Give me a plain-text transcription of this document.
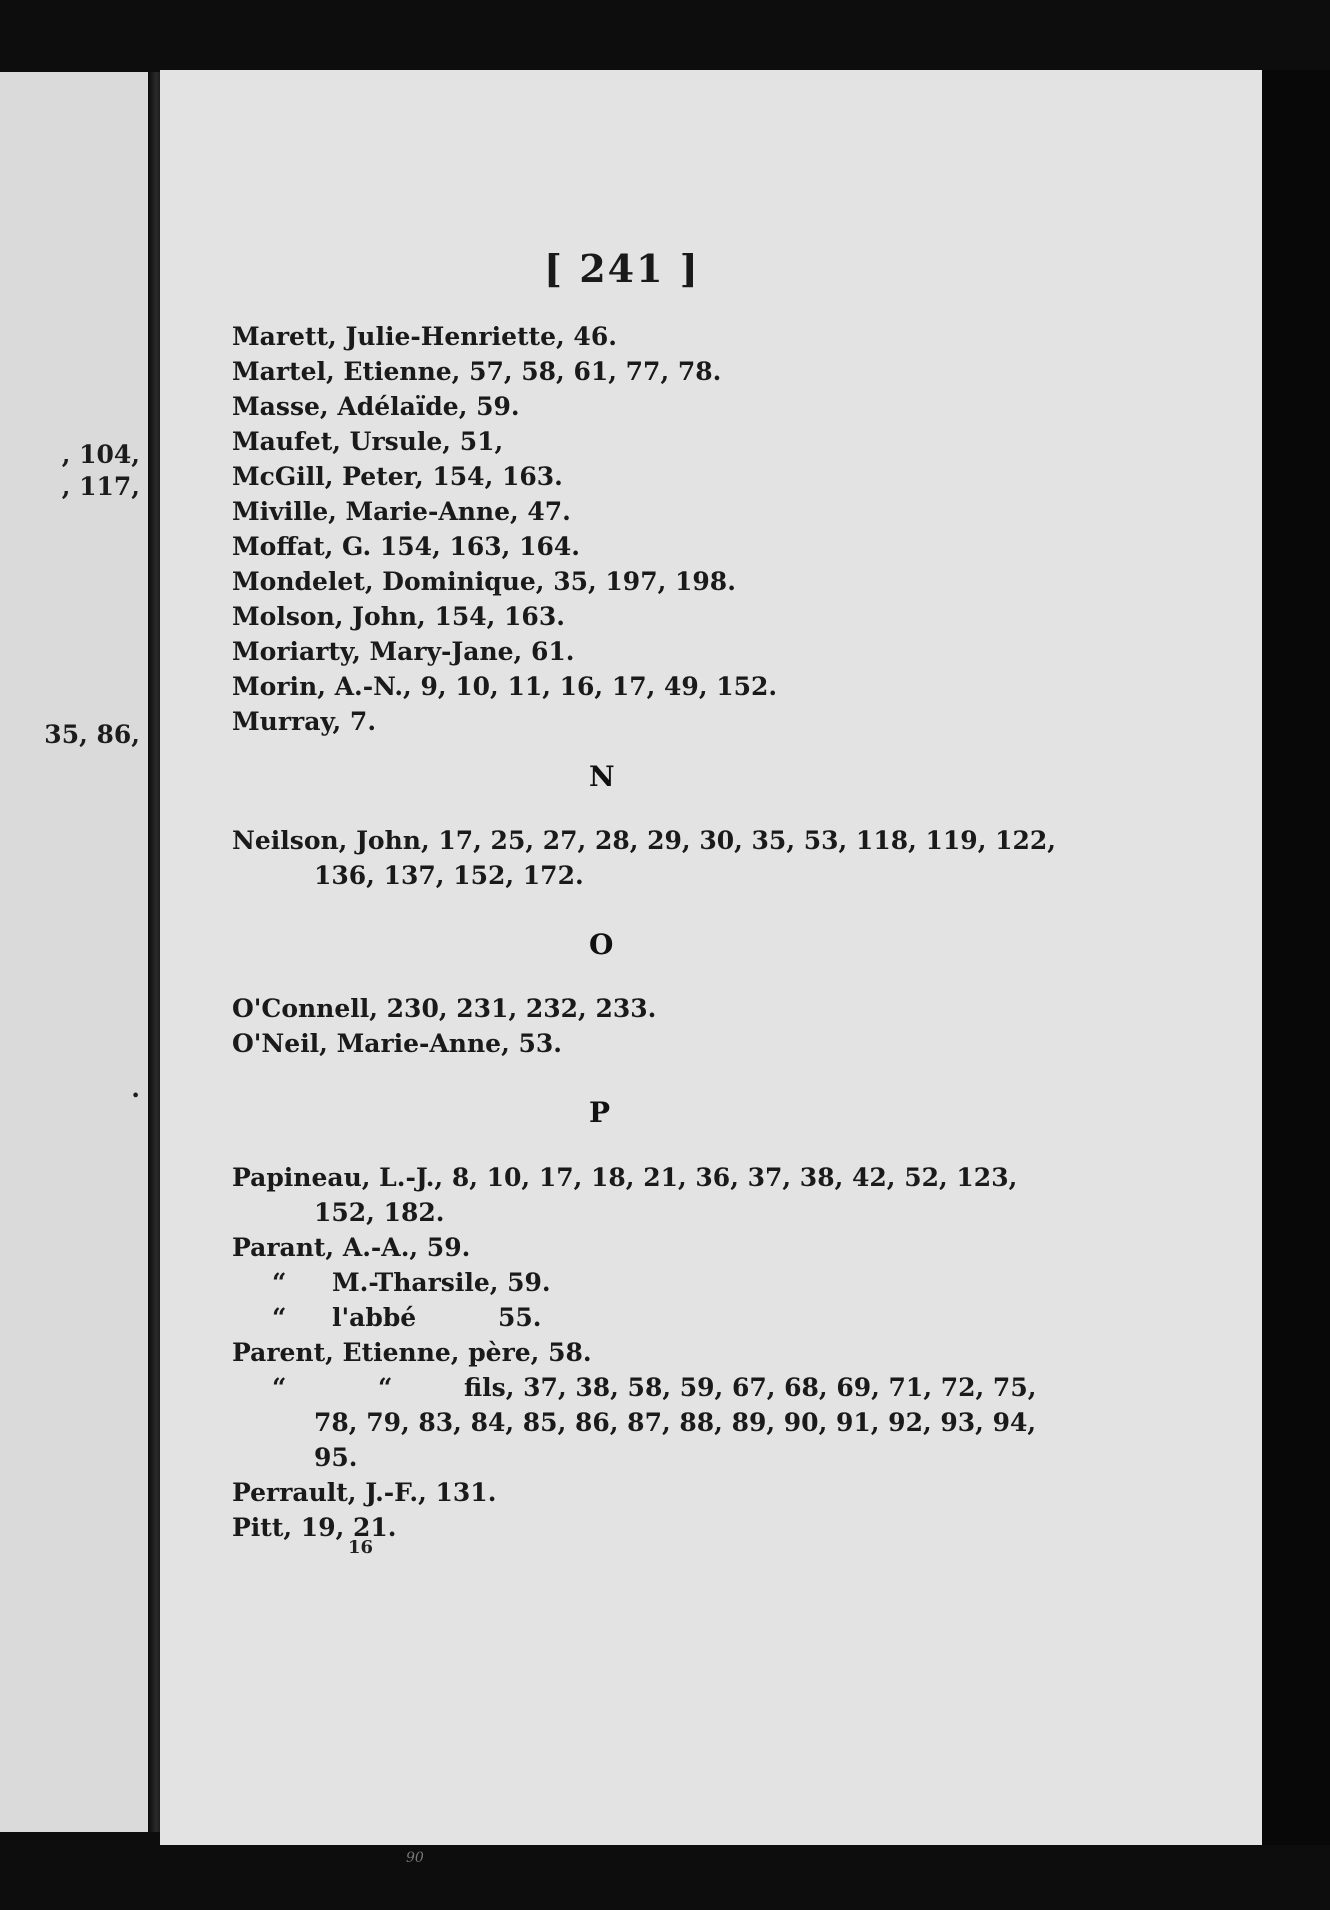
, 104,
, 117,
35, 86,
.
[ 241 ]
Marett, Julie-Henriette, 46.
Martel, Etienne, 57, 58, 61, 77, 78.
Masse, Adélaïde, 59.
Maufet, Ursule, 51,
McGill, Peter, 154, 163.
Miville, Marie-Anne, 47.
Moffat, G. 154, 163, 164.
Mondelet, Dominique, 35, 197, 198.
Molson, John, 154, 163.
Moriarty, Mary-Jane, 61.
Morin, A.-N., 9, 10, 11, 16, 17, 49, 152.
Murray, 7.
N
Neilson, John, 17, 25, 27, 28, 29, 30, 35, 53, 118, 119, 122,
136, 137, 152, 172.
O
O'Connell, 230, 231, 232, 233.
O'Neil, Marie-Anne, 53.
P
Papineau, L.-J., 8, 10, 17, 18, 21, 36, 37, 38, 42, 52, 123,
152, 182.
Parant, A.-A., 59.
“ M.-Tharsile, 59.
“ l'abbé	55.
Parent, Etienne, père, 58.
“	“	fils, 37, 38, 58, 59, 67, 68, 69, 71, 72, 75,
78, 79, 83, 84, 85, 86, 87, 88, 89, 90, 91, 92, 93, 94,
95.
Perrault, J.-F., 131.
Pitt, 19, 21.
16
90
